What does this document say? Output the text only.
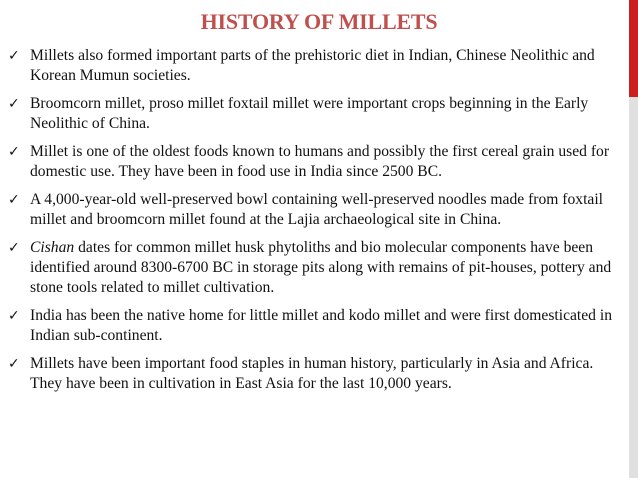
HISTORY OF MILLETS
✓ Millets also formed important parts of the prehistoric diet in Indian, Chinese Neolithic and Korean Mumun societies.
✓ Broomcorn millet, proso millet foxtail millet were important crops beginning in the Early Neolithic of China.
✓ Millet is one of the oldest foods known to humans and possibly the first cereal grain used for domestic use. They have been in food use in India since 2500 BC.
✓ A 4,000-year-old well-preserved bowl containing well-preserved noodles made from foxtail millet and broomcorn millet found at the Lajia archaeological site in China.
✓ Cishan dates for common millet husk phytoliths and bio molecular components have been identified around 8300-6700 BC in storage pits along with remains of pit-houses, pottery and stone tools related to millet cultivation.
✓ India has been the native home for little millet and kodo millet and were first domesticated in Indian sub-continent.
✓ Millets have been important food staples in human history, particularly in Asia and Africa. They have been in cultivation in East Asia for the last 10,000 years.
